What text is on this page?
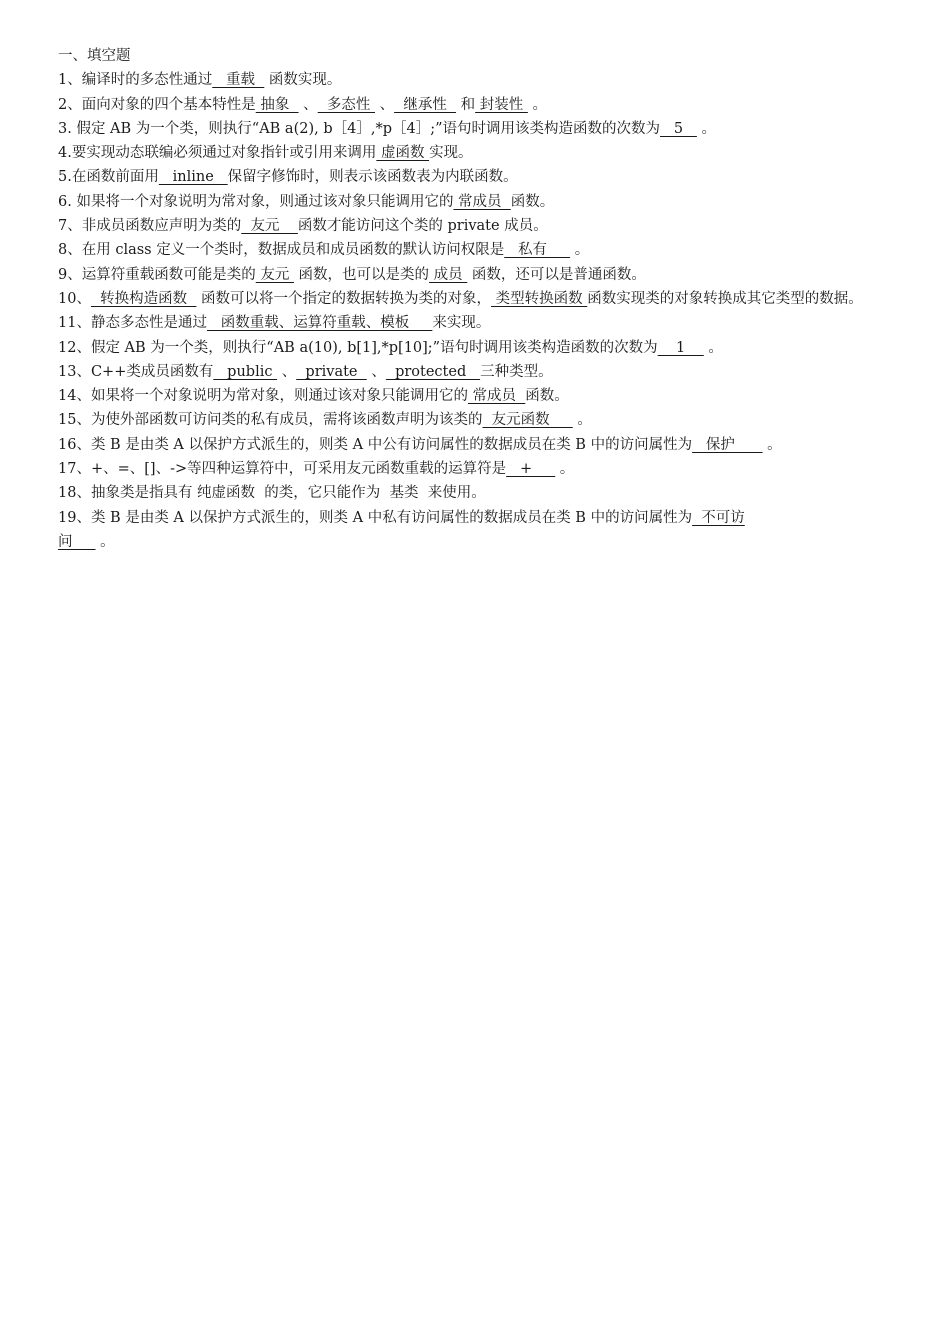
一、填空题
1、编译时的多态性通过   重载   函数实现。
2、面向对象的四个基本特性是 抽象   、  多态性  、  继承性   和 封装性  。
3. 假定 AB 为一个类，则执行“AB a(2), b［4］,*p［4］;”语句时调用该类构造函数的次数为   5    。
4.要实现动态联编必须通过对象指针或引用来调用 虚函数 实现。
5.在函数前面用   inline   保留字修饰时，则表示该函数表为内联函数。
6. 如果将一个对象说明为常对象，则通过该对象只能调用它的 常成员  函数。
7、非成员函数应声明为类的  友元    函数才能访问这个类的 private 成员。
8、在用 class 定义一个类时，数据成员和成员函数的默认访问权限是   私有      。
9、运算符重载函数可能是类的 友元  函数，也可以是类的 成员  函数，还可以是普通函数。
10、  转换构造函数   函数可以将一个指定的数据转换为类的对象， 类型转换函数 函数实现类的对象转换成其它类型的数据。
11、静态多态性是通过   函数重载、运算符重载、模板     来实现。
12、假定 AB 为一个类，则执行“AB a(10), b[1],*p[10];”语句时调用该类构造函数的次数为    1     。
13、C++类成员函数有   public  、  private   、  protected   三种类型。
14、如果将一个对象说明为常对象，则通过该对象只能调用它的 常成员  函数。
15、为使外部函数可访问类的私有成员，需将该函数声明为该类的  友元函数      。
16、类 B 是由类 A 以保护方式派生的，则类 A 中公有访问属性的数据成员在类 B 中的访问属性为   保护       。
17、+、=、[]、->等四种运算符中，可采用友元函数重载的运算符是   +      。
18、抽象类是指具有 纯虚函数  的类，它只能作为  基类  来使用。
19、类 B 是由类 A 以保护方式派生的，则类 A 中私有访问属性的数据成员在类 B 中的访问属性为  不可访
问      。
